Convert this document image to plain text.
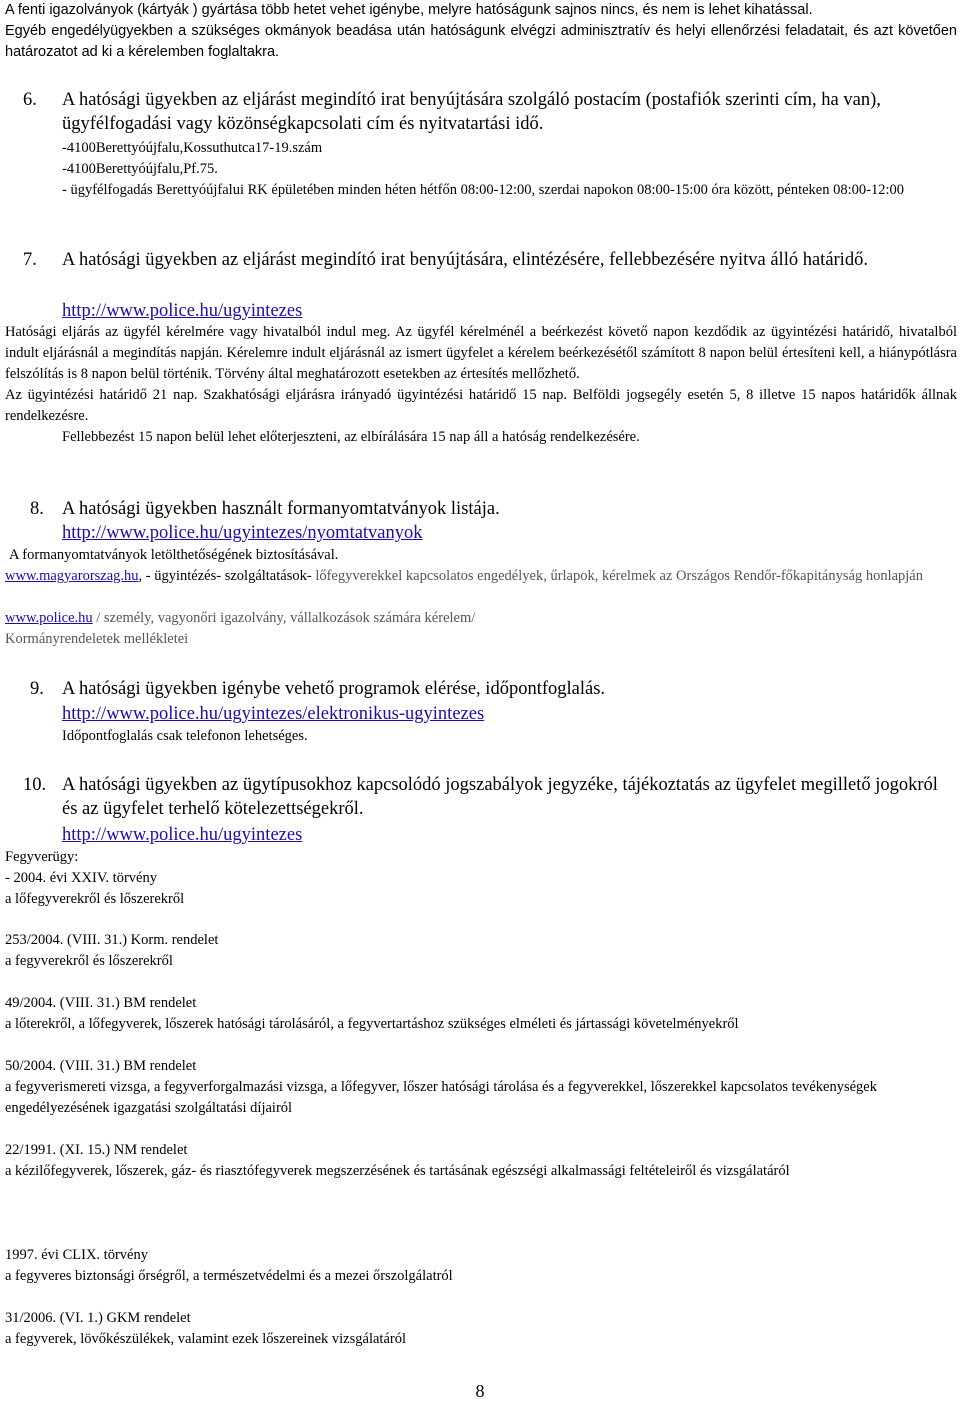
A fenti igazolványok (kártyák ) gyártása több hetet vehet igénybe, melyre hatóságunk sajnos nincs, és nem is lehet kihatással.
Egyéb engedélyügyekben a szükséges okmányok beadása után hatóságunk elvégzi adminisztratív és helyi ellenőrzési feladatait, és azt követően határozatot ad ki a kérelemben foglaltakra.
6.	A hatósági ügyekben az eljárást megindító irat benyújtására szolgáló postacím (postafiók szerinti cím, ha van), ügyfélfogadási vagy közönségkapcsolati cím és nyitvatartási idő.
-4100Berettyóújfalu,Kossuthutca17-19.szám
-4100Berettyóújfalu,Pf.75.
- ügyfélfogadás Berettyóújfalui RK épületében minden héten hétfőn 08:00-12:00, szerdai napokon 08:00-15:00 óra között, pénteken 08:00-12:00
7.	A hatósági ügyekben az eljárást megindító irat benyújtására, elintézésére, fellebbezésére nyitva álló határidő.
http://www.police.hu/ugyintezes
Hatósági eljárás az ügyfél kérelmére vagy hivatalból indul meg. Az ügyfél kérelménél a beérkezést követő napon kezdődik az ügyintézési határidő, hivatalból indult eljárásnál a megindítás napján. Kérelemre indult eljárásnál az ismert ügyfelet a kérelem beérkezésétől számított 8 napon belül értesíteni kell, a hiánypótlásra felszólítás is 8 napon belül történik. Törvény által meghatározott esetekben az értesítés mellőzhető.
Az ügyintézési határidő 21 nap. Szakhatósági eljárásra irányadó ügyintézési határidő 15 nap. Belföldi jogsegély esetén 5, 8 illetve 15 napos határidők állnak rendelkezésre.
Fellebbezést 15 napon belül lehet előterjeszteni, az elbírálására 15 nap áll a hatóság rendelkezésére.
8. A hatósági ügyekben használt formanyomtatványok listája.
http://www.police.hu/ugyintezes/nyomtatvanyok
A formanyomtatványok letölthetőségének biztosításával.
www.magyarorszag.hu, - ügyintézés- szolgáltatások- lőfegyverekkel kapcsolatos engedélyek, űrlapok, kérelmek az Országos Rendőr-főkapitányság honlapján
www.police.hu / személy, vagyonőri igazolvány, vállalkozások számára kérelem/
Kormányrendeletek mellékletei
9. A hatósági ügyekben igénybe vehető programok elérése, időpontfoglalás.
http://www.police.hu/ugyintezes/elektronikus-ugyintezes
Időpontfoglalás csak telefonon lehetséges.
10. A hatósági ügyekben az ügytípusokhoz kapcsolódó jogszabályok jegyzéke, tájékoztatás az ügyfelet megillető jogokról és az ügyfelet terhelő kötelezettségekről.
http://www.police.hu/ugyintezes
Fegyverügy:
- 2004. évi XXIV. törvény
a lőfegyverekről és lőszerekről
253/2004. (VIII. 31.) Korm. rendelet
a fegyverekről és lőszerekről
49/2004. (VIII. 31.) BM rendelet
a lőterekről, a lőfegyverek, lőszerek hatósági tárolásáról, a fegyvertartáshoz szükséges elméleti és jártassági követelményekről
50/2004. (VIII. 31.) BM rendelet
a fegyverismereti vizsga, a fegyverforgalmazási vizsga, a lőfegyver, lőszer hatósági tárolása és a fegyverekkel, lőszerekkel kapcsolatos tevékenységek engedélyezésének igazgatási szolgáltatási díjairól
22/1991. (XI. 15.) NM rendelet
a kézilőfegyverek, lőszerek, gáz- és riasztófegyverek megszerzésének és tartásának egészségi alkalmassági feltételeiről és vizsgálatáról
1997. évi CLIX. törvény
a fegyveres biztonsági őrségről, a természetvédelmi és a mezei őrszolgálatról
31/2006. (VI. 1.) GKM rendelet
a fegyverek, lövőkészülékek, valamint ezek lőszereinek vizsgálatáról
8
